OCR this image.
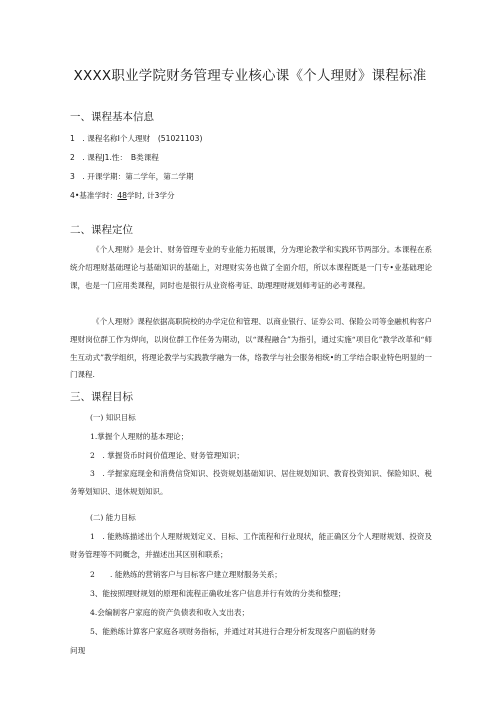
XXXX职业学院财务管理专业核心课《个人理财》课程标准
一、课程基本信息
1　. 课程名称I个人理财　(51021103)
2　. 课程J1.性：　B类课程
3　. 开课学期：第二学年，第二学期
4•基准学时：48学时, 计3学分
二、课程定位

《个人理财》是会计、财务管理专业的专业能力拓展课，分为理论教学和实践环节两部分。本课程在系统介绍理财基础理论与基础知识的基础上，对理财实务也做了全面介绍，所以本课程既是一门专•业基础理论课，也是一门应用类课程，同时也是银行从业资格考证、助理理财规划师考证的必考课程。

《个人理财》课程依据高职院校的办学定位和管理、以商业银行、证券公司、保险公司等金融机构客户理财岗位群工作为焊向，以岗位群工作任务为期动，以“课程融合”为指引，通过实施“项目化”教学改革和“师生互动式”教学组织，将理论教学与实践教学融为一体，络教学与社会服务相统•的工学结合职业特色明显的一门课程.

三、课程目标
(一) 知识目标
1.掌握个人理财的基本理论；
2　. 掌握货币时间价值理论、财务管理知识；

3　. 学握家庭现金和消费信贷知识、投资规划基础知识、居住规划知识、教育投资知识、保险知识、税务筹划知识、退休规划知识。

(二) 能力目标

1　. 能熟练描述出个人理财规划定义、目标、工作流程和行业现状，能正确区分个人理财规划、投资及财务管理等不同概念，并描述出其区别和联系；

2　　. 能熟练的营销客户与目标客户建立理财服务关系；
3、能按照理财规划的原理和流程正确收址客户信息并行有效的分类和整理；
4.会编制客户家庭的资产负债表和收入支出表；
5、能熟练计算客户家庭各项财务指标，并通过对其进行合理分析发现客户面临的财务
问现
